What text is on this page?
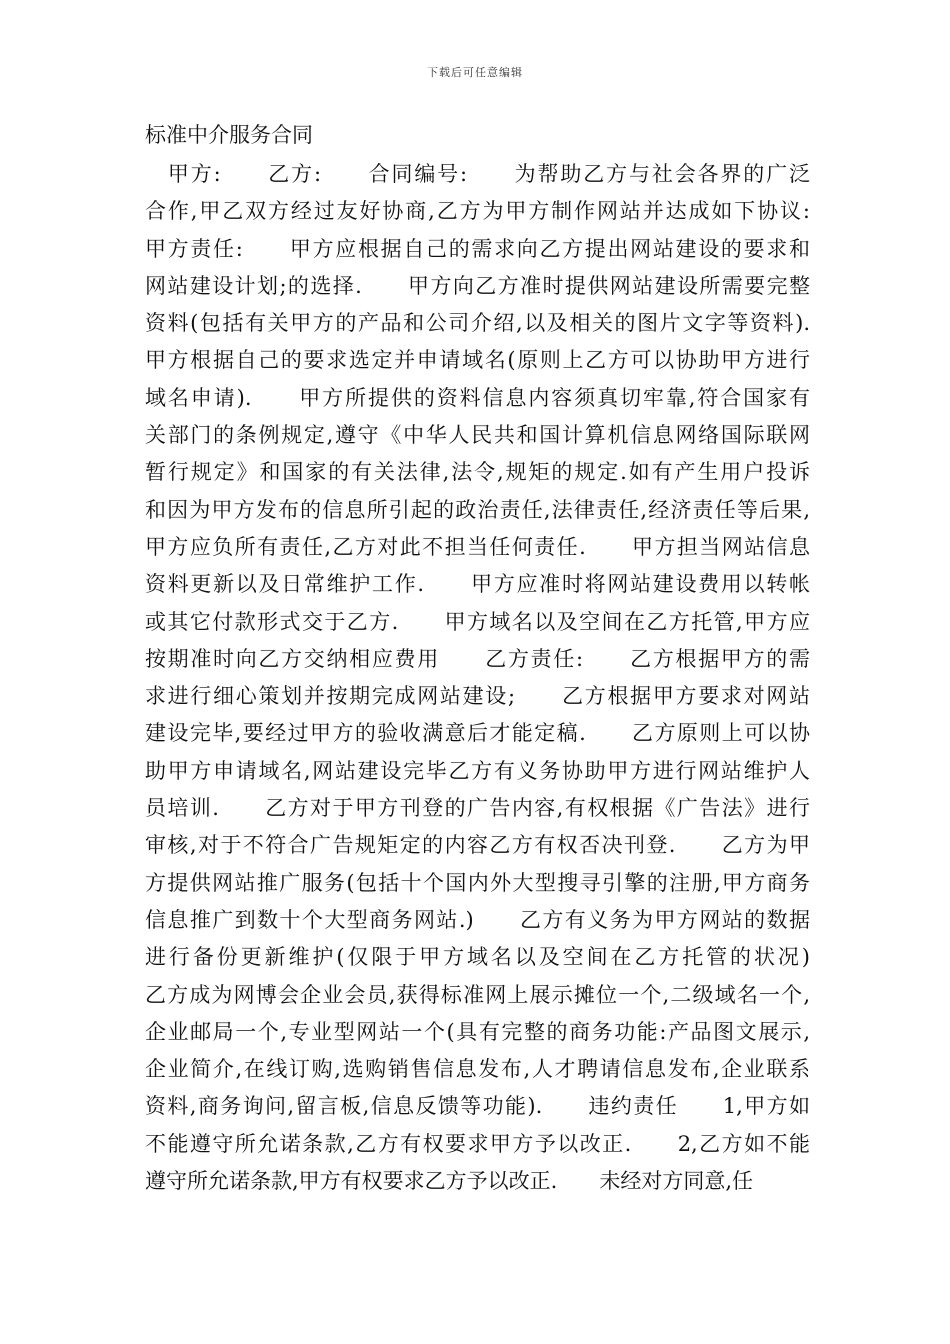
下载后可任意编辑
标准中介服务合同
　甲方:　　乙方:　　合同编号:　　为帮助乙方与社会各界的广泛
合作,甲乙双方经过友好协商,乙方为甲方制作网站并达成如下协议:
甲方责任:　　甲方应根据自己的需求向乙方提出网站建设的要求和
网站建设计划;的选择.　　甲方向乙方准时提供网站建设所需要完整
资料(包括有关甲方的产品和公司介绍,以及相关的图片文字等资料).
甲方根据自己的要求选定并申请域名(原则上乙方可以协助甲方进行
域名申请).　　甲方所提供的资料信息内容须真切牢靠,符合国家有
关部门的条例规定,遵守《中华人民共和国计算机信息网络国际联网
暂行规定》和国家的有关法律,法令,规矩的规定.如有产生用户投诉
和因为甲方发布的信息所引起的政治责任,法律责任,经济责任等后果,
甲方应负所有责任,乙方对此不担当任何责任.　　甲方担当网站信息
资料更新以及日常维护工作.　　甲方应准时将网站建设费用以转帐
或其它付款形式交于乙方.　　甲方域名以及空间在乙方托管,甲方应
按期准时向乙方交纳相应费用　　乙方责任:　　乙方根据甲方的需
求进行细心策划并按期完成网站建设;　　乙方根据甲方要求对网站
建设完毕,要经过甲方的验收满意后才能定稿.　　乙方原则上可以协
助甲方申请域名,网站建设完毕乙方有义务协助甲方进行网站维护人
员培训.　　乙方对于甲方刊登的广告内容,有权根据《广告法》进行
审核,对于不符合广告规矩定的内容乙方有权否决刊登.　　乙方为甲
方提供网站推广服务(包括十个国内外大型搜寻引擎的注册,甲方商务
信息推广到数十个大型商务网站.)　　乙方有义务为甲方网站的数据
进行备份更新维护(仅限于甲方域名以及空间在乙方托管的状况)
乙方成为网博会企业会员,获得标准网上展示摊位一个,二级域名一个,
企业邮局一个,专业型网站一个(具有完整的商务功能:产品图文展示,
企业简介,在线订购,选购销售信息发布,人才聘请信息发布,企业联系
资料,商务询问,留言板,信息反馈等功能).　　违约责任　　1,甲方如
不能遵守所允诺条款,乙方有权要求甲方予以改正.　　2,乙方如不能
遵守所允诺条款,甲方有权要求乙方予以改正.　　未经对方同意,任
